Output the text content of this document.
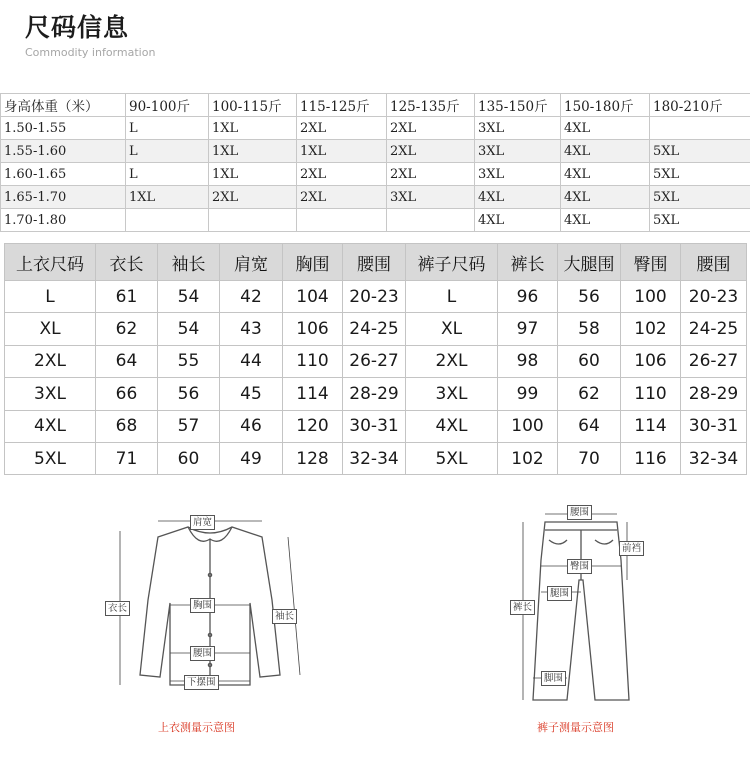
尺码信息
Commodity information
身高体重（米）	90-100斤	100-115斤	115-125斤	125-135斤	135-150斤	150-180斤	180-210斤
1.50-1.55	L	1XL	2XL	2XL	3XL	4XL	
1.55-1.60	L	1XL	1XL	2XL	3XL	4XL	5XL
1.60-1.65	L	1XL	2XL	2XL	3XL	4XL	5XL
1.65-1.70	1XL	2XL	2XL	3XL	4XL	4XL	5XL
1.70-1.80					4XL	4XL	5XL
上衣尺码	衣长	袖长	肩宽	胸围	腰围
L	61	54	42	104	20-23
XL	62	54	43	106	24-25
2XL	64	55	44	110	26-27
3XL	66	56	45	114	28-29
4XL	68	57	46	120	30-31
5XL	71	60	49	128	32-34
裤子尺码	裤长	大腿围	臀围	腰围
L	96	56	100	20-23
XL	97	58	102	24-25
2XL	98	60	106	26-27
3XL	99	62	110	28-29
4XL	100	64	114	30-31
5XL	102	70	116	32-34
肩宽
衣长	胸围
袖长
腰围
下摆围
上衣测量示意图
腰围
前裆
臀围
腿围
裤长
脚围
裤子测量示意图
